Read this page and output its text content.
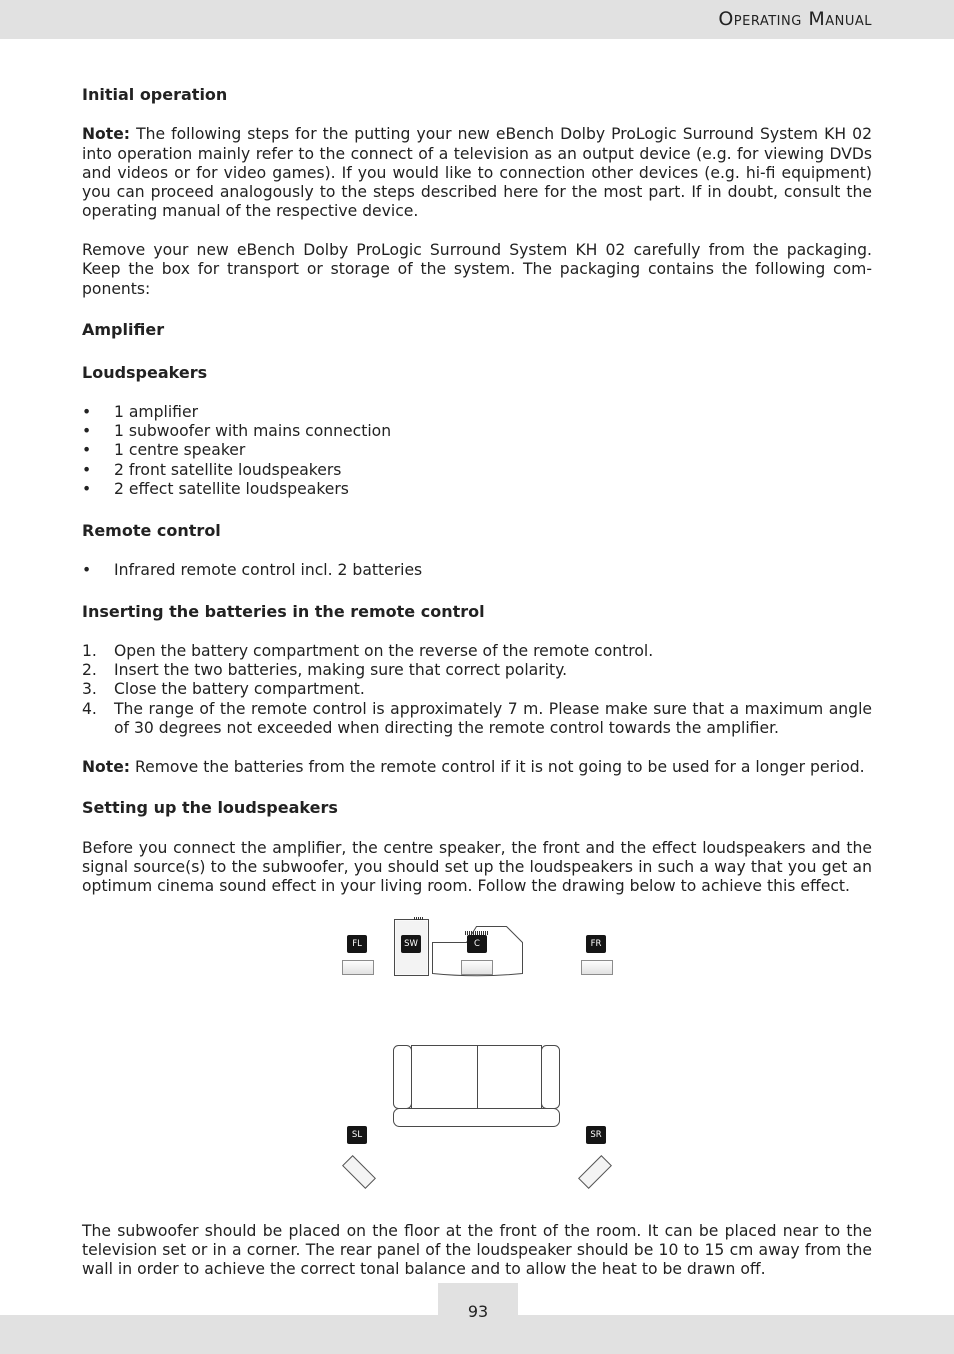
Operating Manual
Initial operation

Note: The following steps for the putting your new eBench Dolby ProLogic Surround System KH 02 into operation mainly refer to the connect of a television as an output device (e.g. for viewing DVDs and videos or for video games). If you would like to connection other devices (e.g. hi-fi equipment) you can proceed analogously to the steps described here for the most part. If in doubt, consult the operating manual of the respective device.

Remove your new eBench Dolby ProLogic Surround System KH 02 carefully from the packaging. Keep the box for transport or storage of the system. The packaging contains the following com-ponents:

Amplifier
Loudspeakers
• 1 amplifier
• 1 subwoofer with mains connection
• 1 centre speaker
• 2 front satellite loudspeakers
• 2 effect satellite loudspeakers
Remote control
• Infrared remote control incl. 2 batteries
Inserting the batteries in the remote control
1. Open the battery compartment on the reverse of the remote control.
2. Insert the two batteries, making sure that correct polarity.
3. Close the battery compartment.
4. The range of the remote control is approximately 7 m. Please make sure that a maximum angle of 30 degrees not exceeded when directing the remote control towards the amplifier.

Note: Remove the batteries from the remote control if it is not going to be used for a longer period.

Setting up the loudspeakers

Before you connect the amplifier, the centre speaker, the front and the effect loudspeakers and the signal source(s) to the subwoofer, you should set up the loudspeakers in such a way that you get an optimum cinema sound effect in your living room. Follow the drawing below to achieve this effect.

FL	SW	C	FR
SL	SR

The subwoofer should be placed on the floor at the front of the room. It can be placed near to the television set or in a corner. The rear panel of the loudspeaker should be 10 to 15 cm away from the wall in order to achieve the correct tonal balance and to allow the heat to be drawn off.

93
